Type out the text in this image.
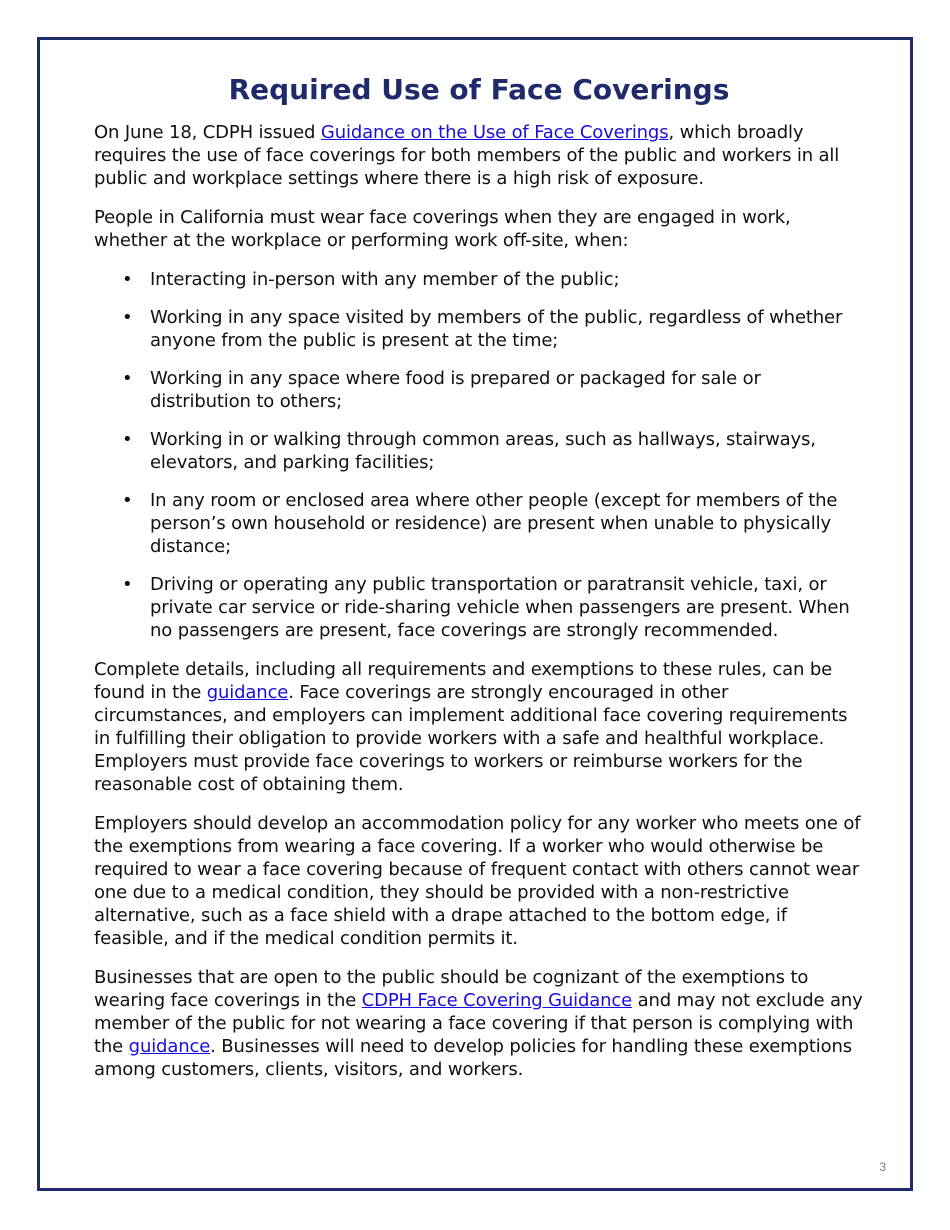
Required Use of Face Coverings

On June 18, CDPH issued Guidance on the Use of Face Coverings, which broadly requires the use of face coverings for both members of the public and workers in all public and workplace settings where there is a high risk of exposure.

People in California must wear face coverings when they are engaged in work, whether at the workplace or performing work off-site, when:

• Interacting in-person with any member of the public;
• Working in any space visited by members of the public, regardless of whether anyone from the public is present at the time;
• Working in any space where food is prepared or packaged for sale or distribution to others;
• Working in or walking through common areas, such as hallways, stairways, elevators, and parking facilities;
• In any room or enclosed area where other people (except for members of the person’s own household or residence) are present when unable to physically distance;
• Driving or operating any public transportation or paratransit vehicle, taxi, or private car service or ride-sharing vehicle when passengers are present. When no passengers are present, face coverings are strongly recommended.

Complete details, including all requirements and exemptions to these rules, can be found in the guidance. Face coverings are strongly encouraged in other circumstances, and employers can implement additional face covering requirements in fulfilling their obligation to provide workers with a safe and healthful workplace. Employers must provide face coverings to workers or reimburse workers for the reasonable cost of obtaining them.

Employers should develop an accommodation policy for any worker who meets one of the exemptions from wearing a face covering. If a worker who would otherwise be required to wear a face covering because of frequent contact with others cannot wear one due to a medical condition, they should be provided with a non-restrictive alternative, such as a face shield with a drape attached to the bottom edge, if feasible, and if the medical condition permits it.

Businesses that are open to the public should be cognizant of the exemptions to wearing face coverings in the CDPH Face Covering Guidance and may not exclude any member of the public for not wearing a face covering if that person is complying with the guidance. Businesses will need to develop policies for handling these exemptions among customers, clients, visitors, and workers.

3
